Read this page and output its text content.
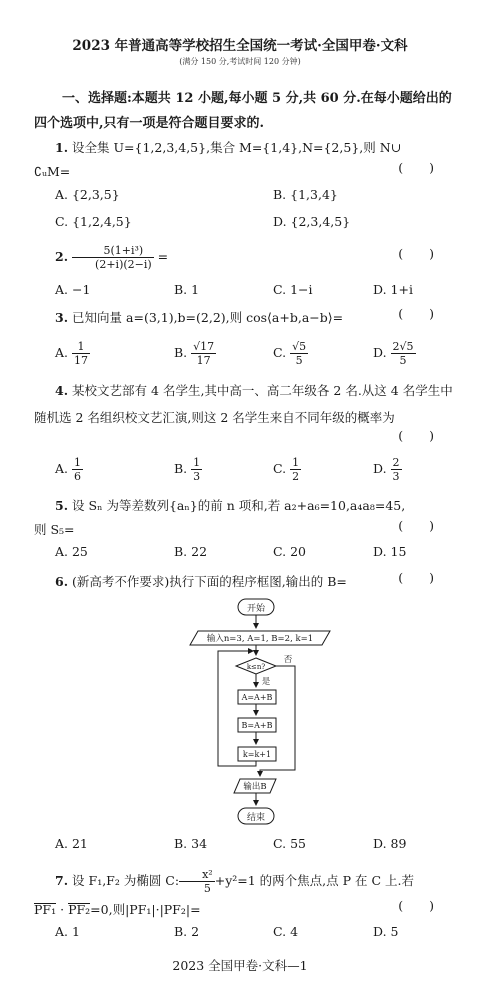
2023 年普通高等学校招生全国统一考试·全国甲卷·文科
(满分 150 分,考试时间 120 分钟)
一、选择题:本题共 12 小题,每小题 5 分,共 60 分.在每小题给出的四个选项中,只有一项是符合题目要求的.
1. 设全集 U={1,2,3,4,5},集合 M={1,4},N={2,5},则 N∪
∁ᵤM=	()
A. {2,3,5}	B. {1,3,4}
C. {1,2,4,5}	D. {2,3,4,5}
2. $\frac{\text{5(1+i³)}}{(2+i)(2-i)}$ =	()
A. −1	B. 1	C. 1−i	D. 1+i
3. 已知向量 a=(3,1),b=(2,2),则 cos⟨a+b,a−b⟩=	()
A. $\frac{1}{17}$	B. $\frac{√17}{17}$	C. $\frac{√5}{5}$	D. $\frac{2√5}{5}$
4. 某校文艺部有 4 名学生,其中高一、高二年级各 2 名.从这 4 名学生中随机选 2 名组织校文艺汇演,则这 2 名学生来自不同年级的概率为
()
A. $\frac{1}{6}$	B. $\frac{1}{3}$	C. $\frac{1}{2}$	D. $\frac{2}{3}$
5. 设 Sₙ 为等差数列{aₙ}的前 n 项和,若 a₂+a₆=10,a₄a₈=45,
则 S₅=	()
A. 25	B. 22	C. 20	D. 15
6. (新高考不作要求)执行下面的程序框图,输出的 B=	()
开始
输入n=3, A=1, B=2, k=1
k≤n?
否
是
A=A+B
B=A+B
k=k+1
输出B
结束
A. 21	B. 34	C. 55	D. 89
7. 设 F₁,F₂ 为椭圆 C: $\frac{\text{x²}}{5} +y^2=1$ 的两个焦点,点 P 在 C 上.若
PF₁ · PF₂=0,则|PF₁|·|PF₂|=	()
A. 1	B. 2	C. 4	D. 5
2023 全国甲卷·文科—1
